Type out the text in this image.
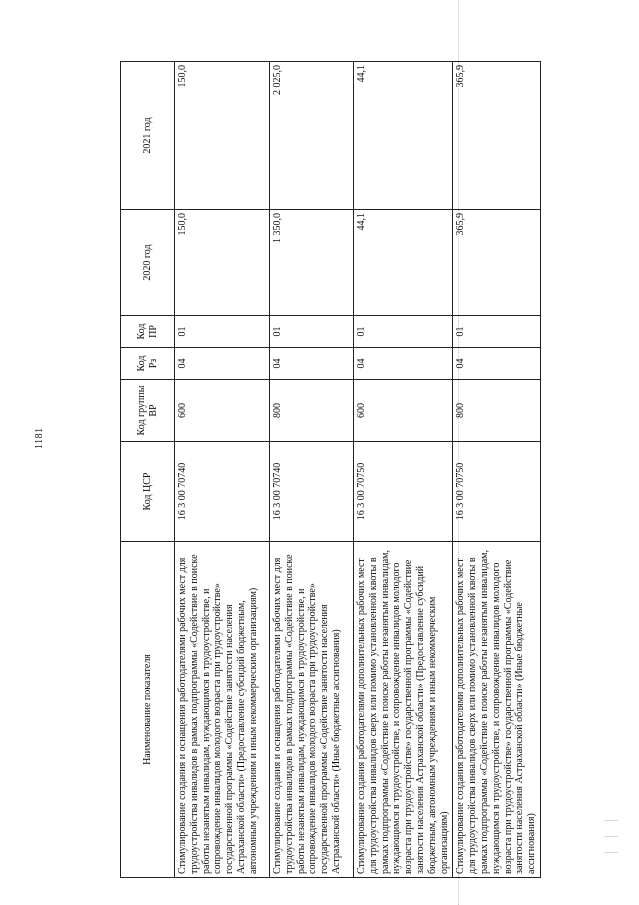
1181
Наименование показателя	Код ЦСР	Код группы ВР	Код Рз	Код ПР	2020 год	2021 год
Стимулирование создания и оснащения работодателями рабочих мест для трудоустройства инвалидов в рамках подпрограммы «Содействие в поиске работы незанятым инвалидам, нуждающимся в трудоустройстве, и сопровождение инвалидов молодого возраста при трудоустройстве» государственной программы «Содействие занятости населения Астраханской области» (Предоставление субсидий бюджетным, автономным учреждениям и иным некоммерческим организациям)	16 3 00 70740	600	04	01	150,0	150,0
Стимулирование создания и оснащения работодателями рабочих мест для трудоустройства инвалидов в рамках подпрограммы «Содействие в поиске работы незанятым инвалидам, нуждающимся в трудоустройстве, и сопровождение инвалидов молодого возраста при трудоустройстве» государственной программы «Содействие занятости населения Астраханской области» (Иные бюджетные ассигнования)	16 3 00 70740	800	04	01	1 350,0	2 025,0
Стимулирование создания работодателями дополнительных рабочих мест для трудоустройства инвалидов сверх или помимо установленной квоты в рамках подпрограммы «Содействие в поиске работы незанятым инвалидам, нуждающимся в трудоустройстве, и сопровождение инвалидов молодого возраста при трудоустройстве» государственной программы «Содействие занятости населения Астраханской области» (Предоставление субсидий бюджетным, автономным учреждениям и иным некоммерческим организациям)	16 3 00 70750	600	04	01	44,1	44,1
Стимулирование создания работодателями дополнительных рабочих мест для трудоустройства инвалидов сверх или помимо установленной квоты в рамках подпрограммы «Содействие в поиске работы незанятым инвалидам, нуждающимся в трудоустройстве, и сопровождение инвалидов молодого возраста при трудоустройстве» государственной программы «Содействие занятости населения Астраханской области» (Иные бюджетные ассигнования)	16 3 00 70750	800	04	01	365,9	365,9
